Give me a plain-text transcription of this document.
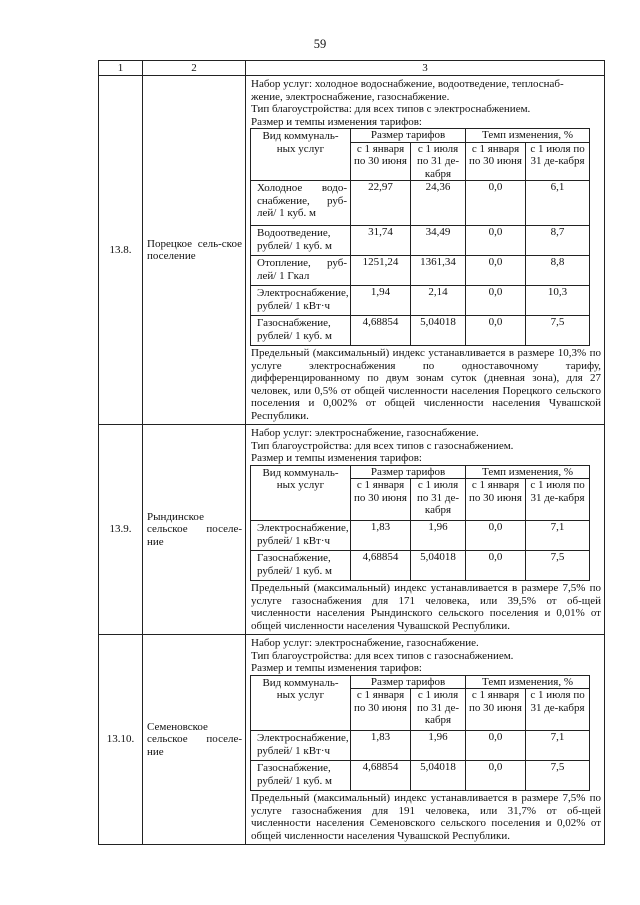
59
1	2	3
13.8.	Порецкое сель-ское поселение	
Набор услуг: холодное водоснабжение, водоотведение, теплоснаб-
жение, электроснабжение, газоснабжение.
Тип благоустройства: для всех типов с электроснабжением.
Размер и темпы изменения тарифов:
Вид коммуналь-ных услуг	Размер тарифов	Темп изменения, %
с 1 января по 30 июня	с 1 июля по 31 де-кабря	с 1 января по 30 июня	с 1 июля по 31 де-кабря
Холодное водо-снабжение, руб-лей/ 1 куб. м	22,97	24,36	0,0	6,1
Водоотведение, рублей/ 1 куб. м	31,74	34,49	0,0	8,7
Отопление, руб-лей/ 1 Гкал	1251,24	1361,34	0,0	8,8
Электроснабжение, рублей/ 1 кВт·ч	1,94	2,14	0,0	10,3
Газоснабжение, рублей/ 1 куб. м	4,68854	5,04018	0,0	7,5
Предельный (максимальный) индекс устанавливается в размере 10,3% по услуге электроснабжения по одноставочному тарифу, дифференцированному по двум зонам суток (дневная зона), для 27 человек, или 0,5% от общей численности населения Порецкого сельского поселения и 0,002% от общей численности населения Чувашской Республики.

13.9.	Рындинское сельское поселе-ние	
Набор услуг: электроснабжение, газоснабжение.
Тип благоустройства: для всех типов с газоснабжением.
Размер и темпы изменения тарифов:
Вид коммуналь-ных услуг	Размер тарифов	Темп изменения, %
с 1 января по 30 июня	с 1 июля по 31 де-кабря	с 1 января по 30 июня	с 1 июля по 31 де-кабря
Электроснабжение, рублей/ 1 кВт·ч	1,83	1,96	0,0	7,1
Газоснабжение, рублей/ 1 куб. м	4,68854	5,04018	0,0	7,5
Предельный (максимальный) индекс устанавливается в размере 7,5% по услуге газоснабжения для 171 человека, или 39,5% от об-щей численности населения Рындинского сельского поселения и 0,01% от общей численности населения Чувашской Республики.

13.10.	Семеновское сельское поселе-ние	
Набор услуг: электроснабжение, газоснабжение.
Тип благоустройства: для всех типов с газоснабжением.
Размер и темпы изменения тарифов:
Вид коммуналь-ных услуг	Размер тарифов	Темп изменения, %
с 1 января по 30 июня	с 1 июля по 31 де-кабря	с 1 января по 30 июня	с 1 июля по 31 де-кабря
Электроснабжение, рублей/ 1 кВт·ч	1,83	1,96	0,0	7,1
Газоснабжение, рублей/ 1 куб. м	4,68854	5,04018	0,0	7,5
Предельный (максимальный) индекс устанавливается в размере 7,5% по услуге газоснабжения для 191 человека, или 31,7% от об-щей численности населения Семеновского сельского поселения и 0,02% от общей численности населения Чувашской Республики.
